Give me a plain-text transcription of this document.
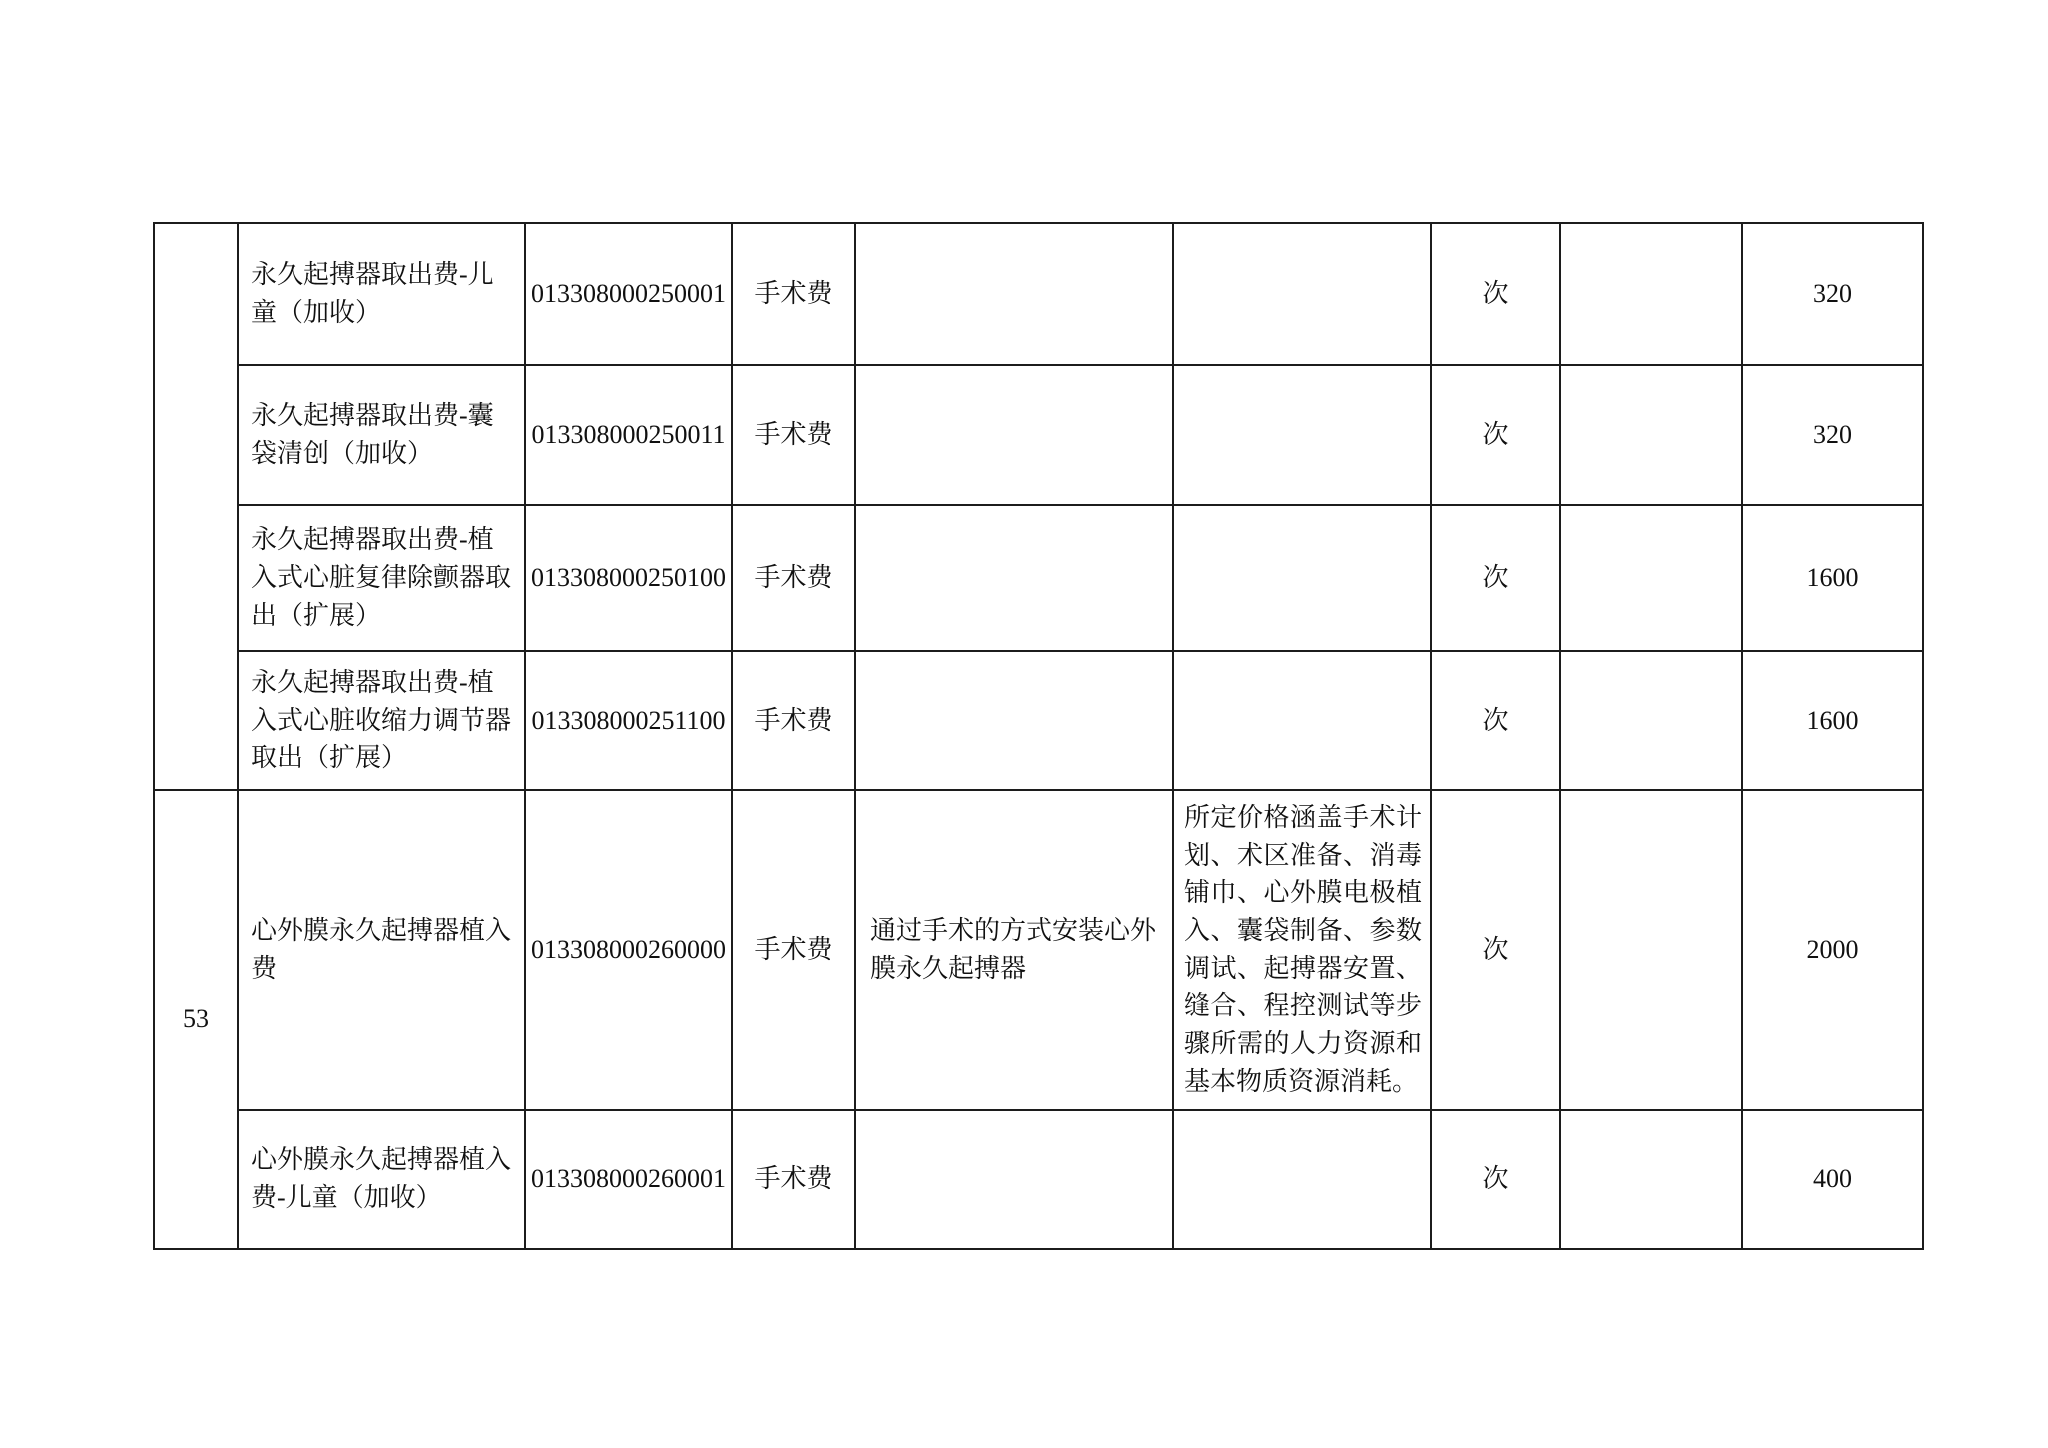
	永久起搏器取出费-儿童（加收）	013308000250001	手术费			次		320
	永久起搏器取出费-囊袋清创（加收）	013308000250011	手术费			次		320
	永久起搏器取出费-植入式心脏复律除颤器取出（扩展）	013308000250100	手术费			次		1600
	永久起搏器取出费-植入式心脏收缩力调节器取出（扩展）	013308000251100	手术费			次		1600
53	心外膜永久起搏器植入费	013308000260000	手术费	通过手术的方式安装心外膜永久起搏器	所定价格涵盖手术计划、术区准备、消毒铺巾、心外膜电极植入、囊袋制备、参数调试、起搏器安置、缝合、程控测试等步骤所需的人力资源和基本物质资源消耗。	次		2000
	心外膜永久起搏器植入费-儿童（加收）	013308000260001	手术费			次		400
